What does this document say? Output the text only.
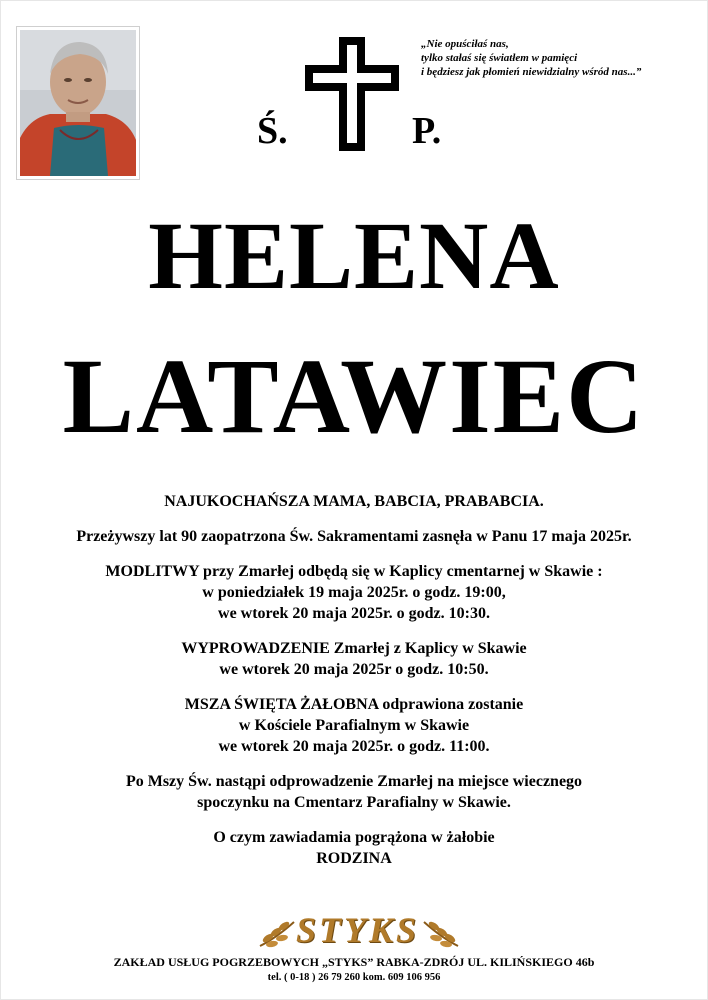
Ś.	P.
„Nie opuściłaś nas,
tylko stałaś się światłem w pamięci
i będziesz jak płomień niewidzialny wśród nas...”
HELENA
LATAWIEC

NAJUKOCHAŃSZA MAMA, BABCIA, PRABABCIA.

Przeżywszy lat 90 zaopatrzona Św. Sakramentami zasnęła w Panu 17 maja 2025r.

MODLITWY przy Zmarłej odbędą się w Kaplicy cmentarnej w Skawie :

w poniedziałek 19 maja 2025r. o godz. 19:00,

we wtorek 20 maja 2025r. o godz. 10:30.

WYPROWADZENIE Zmarłej z Kaplicy w Skawie

we wtorek 20 maja 2025r o godz. 10:50.

MSZA ŚWIĘTA ŻAŁOBNA odprawiona zostanie

w Kościele Parafialnym w Skawie

we wtorek 20 maja 2025r. o godz. 11:00.

Po Mszy Św. nastąpi odprowadzenie Zmarłej na miejsce wiecznego

spoczynku na Cmentarz Parafialny w Skawie.

O czym zawiadamia pogrążona w żałobie

RODZINA

STYKS
ZAKŁAD USŁUG POGRZEBOWYCH „STYKS” RABKA-ZDRÓJ UL. KILIŃSKIEGO 46b
tel. ( 0-18 ) 26 79 260 kom. 609 106 956
